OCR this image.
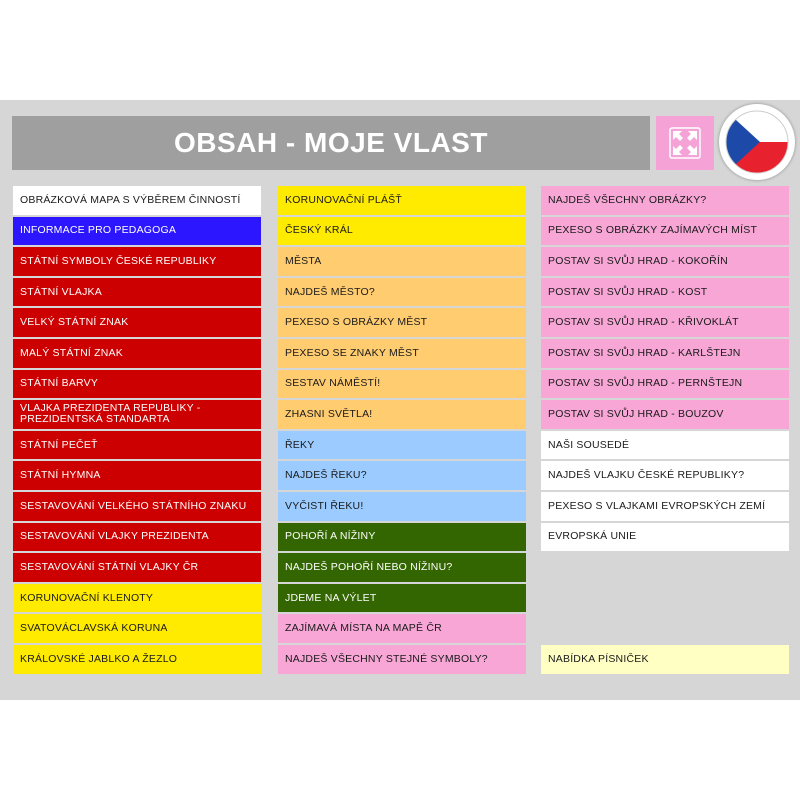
OBSAH - MOJE VLAST
OBRÁZKOVÁ MAPA S VÝBĚREM ČINNOSTÍ
INFORMACE PRO PEDAGOGA
STÁTNÍ SYMBOLY ČESKÉ REPUBLIKY
STÁTNÍ VLAJKA
VELKÝ STÁTNÍ ZNAK
MALÝ STÁTNÍ ZNAK
STÁTNÍ BARVY
VLAJKA PREZIDENTA REPUBLIKY - PREZIDENTSKÁ STANDARTA
STÁTNÍ PEČEŤ
STÁTNÍ HYMNA
SESTAVOVÁNÍ VELKÉHO STÁTNÍHO ZNAKU
SESTAVOVÁNÍ VLAJKY PREZIDENTA
SESTAVOVÁNÍ STÁTNÍ VLAJKY ČR
KORUNOVAČNÍ KLENOTY
SVATOVÁCLAVSKÁ KORUNA
KRÁLOVSKÉ JABLKO A ŽEZLO
KORUNOVAČNÍ PLÁŠŤ
ČESKÝ KRÁL
MĚSTA
NAJDEŠ MĚSTO?
PEXESO S OBRÁZKY MĚST
PEXESO SE ZNAKY MĚST
SESTAV NÁMĚSTÍ!
ZHASNI SVĚTLA!
ŘEKY
NAJDEŠ ŘEKU?
VYČISTI ŘEKU!
POHOŘÍ A NÍŽINY
NAJDEŠ POHOŘÍ NEBO NÍŽINU?
JDEME NA VÝLET
ZAJÍMAVÁ MÍSTA NA MAPĚ ČR
NAJDEŠ VŠECHNY STEJNÉ SYMBOLY?
NAJDEŠ VŠECHNY OBRÁZKY?
PEXESO S OBRÁZKY ZAJÍMAVÝCH MÍST
POSTAV SI SVŮJ HRAD - KOKOŘÍN
POSTAV SI SVŮJ HRAD - KOST
POSTAV SI SVŮJ HRAD - KŘIVOKLÁT
POSTAV SI SVŮJ HRAD - KARLŠTEJN
POSTAV SI SVŮJ HRAD - PERNŠTEJN
POSTAV SI SVŮJ HRAD - BOUZOV
NAŠI SOUSEDÉ
NAJDEŠ VLAJKU ČESKÉ REPUBLIKY?
PEXESO S VLAJKAMI EVROPSKÝCH ZEMÍ
EVROPSKÁ UNIE
NABÍDKA PÍSNIČEK
